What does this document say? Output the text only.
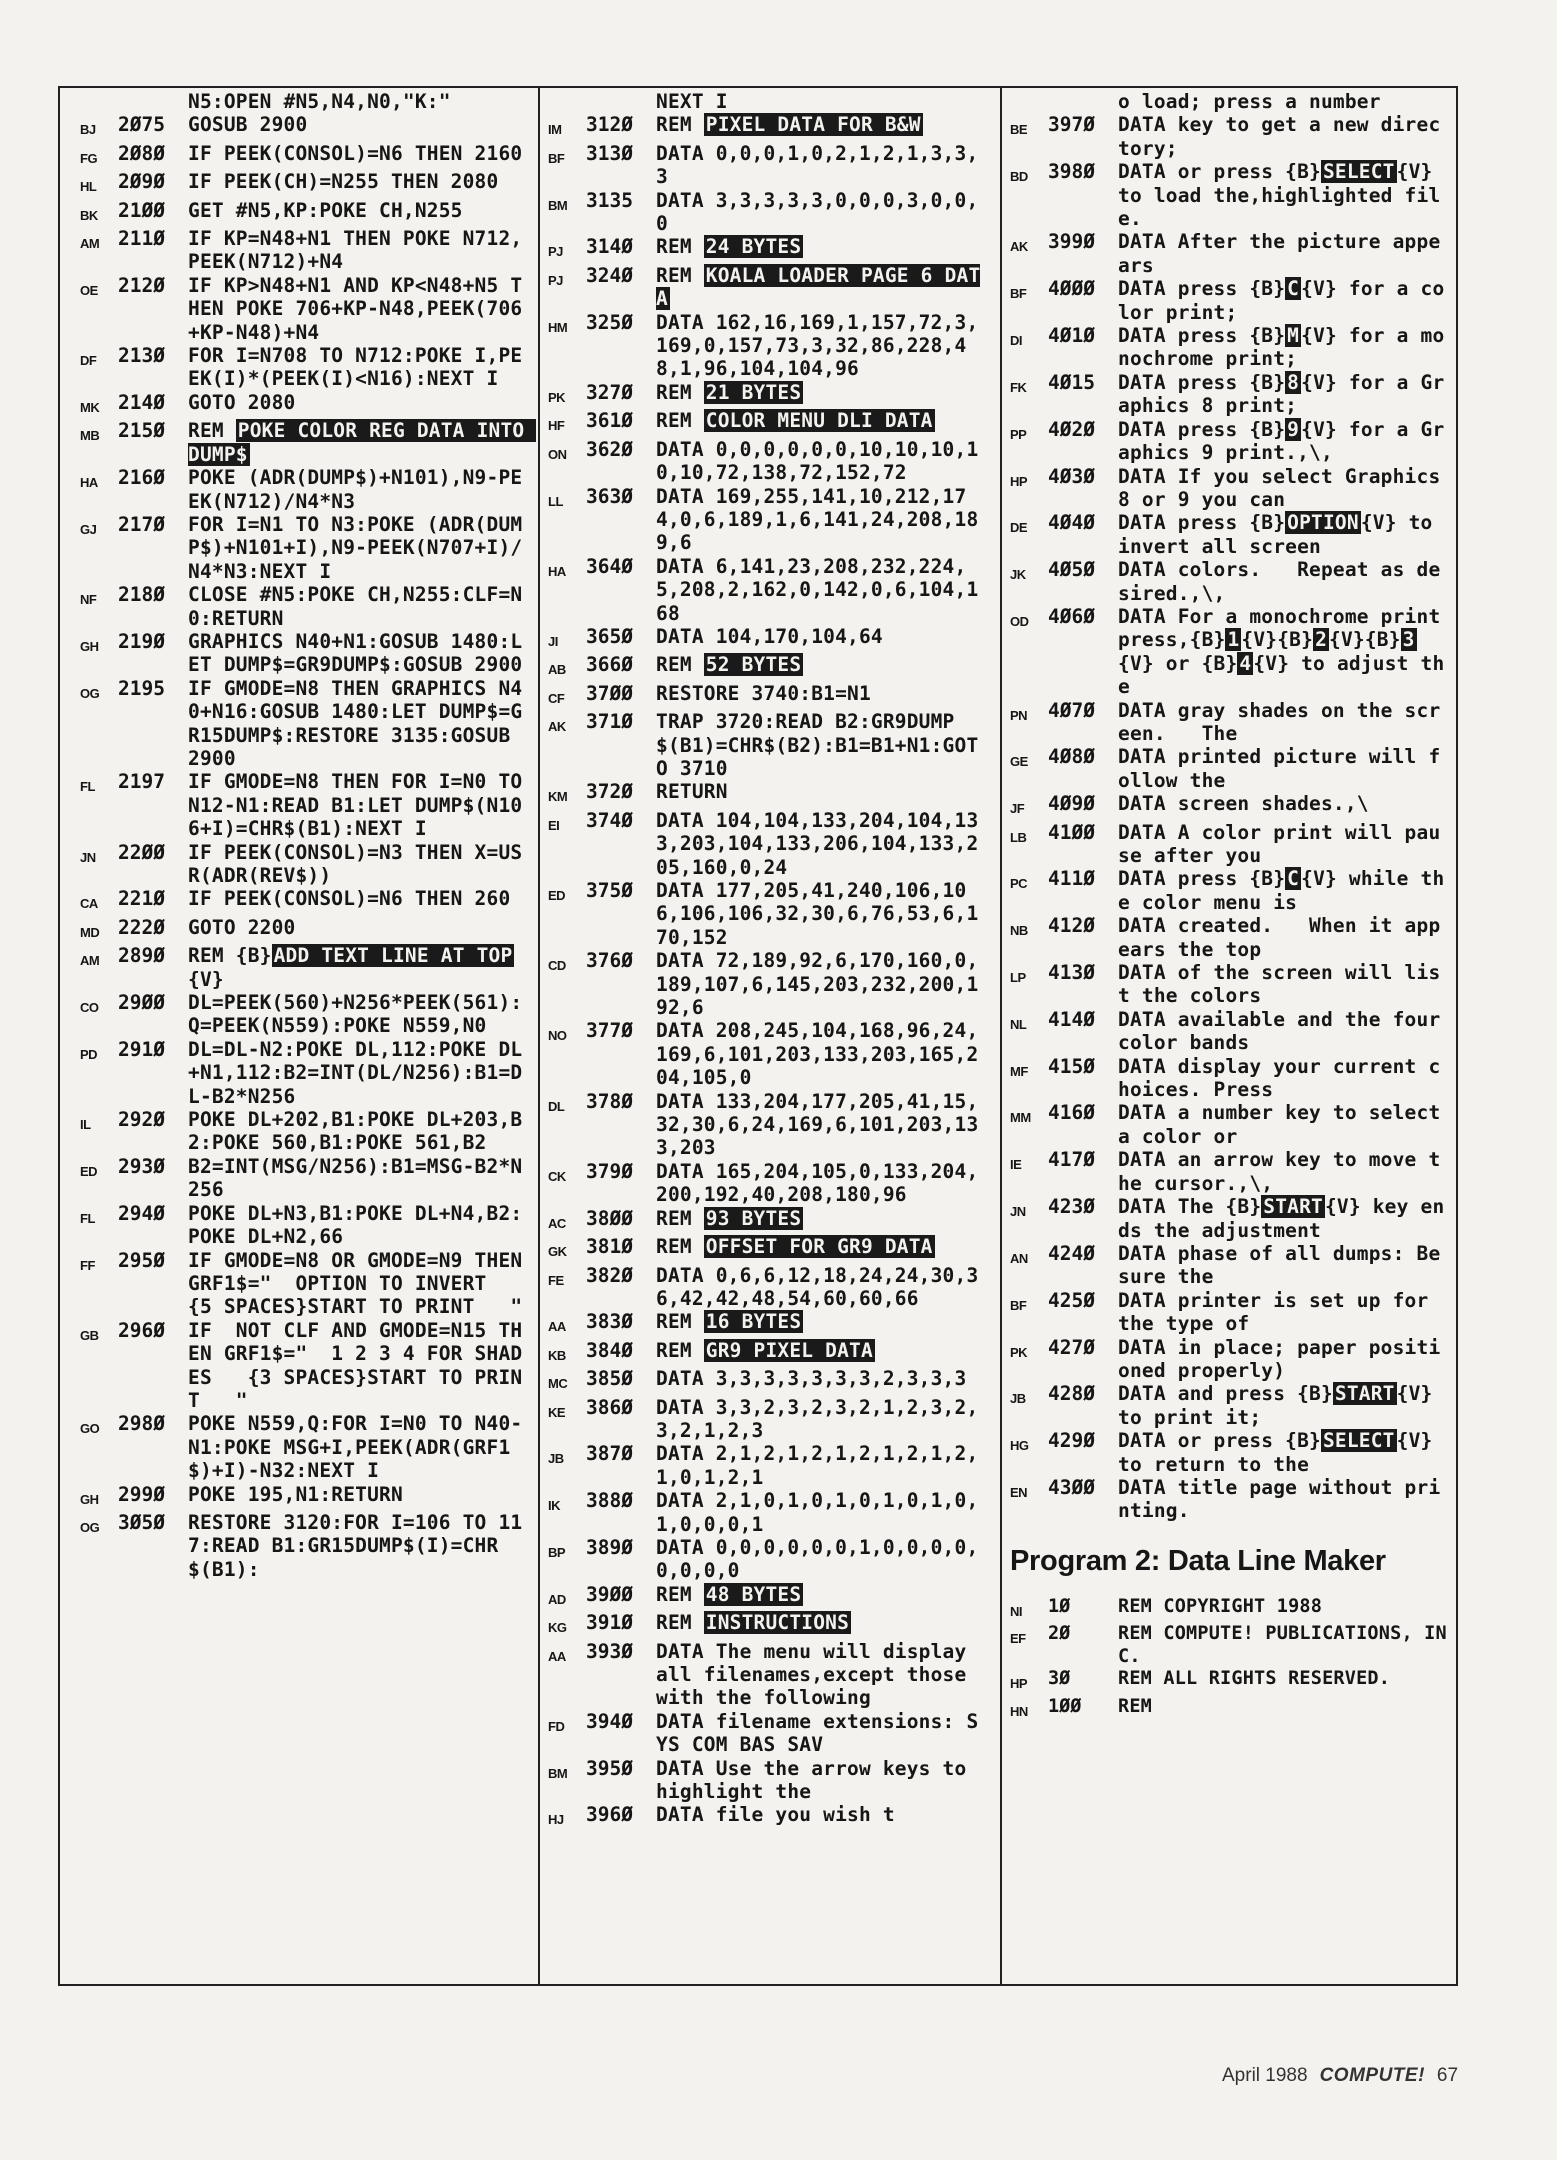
N5:OPEN #N5,N4,N0,"K:"
BJ	2Ø75	GOSUB 2900
FG	2Ø8Ø	IF PEEK(CONSOL)=N6 THEN 2160
HL	2Ø9Ø	IF PEEK(CH)=N255 THEN 2080
BK	21ØØ	GET #N5,KP:POKE CH,N255
AM 211Ø	IF KP=N48+N1 THEN POKE N712,PEEK(N712)+N4
OE	212Ø	IF KP>N48+N1 AND KP<N48+N5 THEN POKE 706+KP-N48,PEEK(706+KP-N48)+N4
DF	213Ø	FOR I=N708 TO N712:POKE I,PEEK(I)*(PEEK(I)<N16):NEXT I
MK 214Ø	GOTO 2080
MB 215Ø	REM POKE COLOR REG DATA INTO DUMP$
HA	216Ø	POKE (ADR(DUMP$)+N101),N9-PEEK(N712)/N4*N3
GJ	217Ø	FOR I=N1 TO N3:POKE (ADR(DUMP$)+N101+I),N9-PEEK(N707+I)/N4*N3:NEXT I
NF	218Ø	CLOSE #N5:POKE CH,N255:CLF=N0:RETURN
GH	219Ø	GRAPHICS N40+N1:GOSUB 1480:LET DUMP$=GR9DUMP$:GOSUB 2900
OG 2195	IF GMODE=N8 THEN GRAPHICS N40+N16:GOSUB 1480:LET DUMP$=GR15DUMP$:RESTORE 3135:GOSUB 2900
FL	2197	IF GMODE=N8 THEN FOR I=N0 TO N12-N1:READ B1:LET DUMP$(N106+I)=CHR$(B1):NEXT I
JN	22ØØ	IF PEEK(CONSOL)=N3 THEN X=USR(ADR(REV$))
CA	221Ø	IF PEEK(CONSOL)=N6 THEN 260
MD 222Ø	GOTO 2200
AM 289Ø	REM {B} ADD TEXT LINE AT TOP{V}
CO	29ØØ	DL=PEEK(560)+N256*PEEK(561):Q=PEEK(N559):POKE N559,N0
PD	291Ø	DL=DL-N2:POKE DL,112:POKE DL+N1,112:B2=INT(DL/N256):B1=DL-B2*N256
IL	292Ø	POKE DL+202,B1:POKE DL+203,B2:POKE 560,B1:POKE 561,B2
ED	293Ø	B2=INT(MSG/N256):B1=MSG-B2*N256
FL	294Ø	POKE DL+N3,B1:POKE DL+N4,B2:POKE DL+N2,66
FF	295Ø	IF GMODE=N8 OR GMODE=N9 THEN GRF1$="  OPTION TO INVERT    {5 SPACES}START TO PRINT   "
GB	296Ø	IF  NOT CLF AND GMODE=N15 THEN GRF1$="  1 2 3 4 FOR SHADES   {3 SPACES}START TO PRINT   "
GO 298Ø	POKE N559,Q:FOR I=N0 TO N40-N1:POKE MSG+I,PEEK(ADR(GRF1$)+I)-N32:NEXT I
GH	299Ø	POKE 195,N1:RETURN
OG 3Ø5Ø	RESTORE 3120:FOR I=106 TO 117:READ B1:GR15DUMP$(I)=CHR$(B1):
NEXT I
IM	312Ø	REM PIXEL DATA FOR B&W
BF	313Ø	DATA 0,0,0,1,0,2,1,2,1,3,3,3
BM 3135	DATA 3,3,3,3,3,0,0,0,3,0,0,0
PJ	314Ø	REM 24 BYTES
PJ	324Ø	REM KOALA LOADER PAGE 6 DATA
HM 325Ø	DATA 162,16,169,1,157,72,3,169,0,157,73,3,32,86,228,48,1,96,104,104,96
PK	327Ø	REM 21 BYTES
HF	361Ø	REM COLOR MENU DLI DATA
ON	362Ø	DATA 0,0,0,0,0,0,10,10,10,10,10,72,138,72,152,72
LL	363Ø	DATA 169,255,141,10,212,174,0,6,189,1,6,141,24,208,189,6
HA	364Ø	DATA 6,141,23,208,232,224,5,208,2,162,0,142,0,6,104,168
JI	365Ø	DATA 104,170,104,64
AB	366Ø	REM 52 BYTES
CF	37ØØ	RESTORE 3740:B1=N1
AK	371Ø	TRAP 3720:READ B2:GR9DUMP$(B1)=CHR$(B2):B1=B1+N1:GOTO 3710
KM 372Ø	RETURN
EI	374Ø	DATA 104,104,133,204,104,133,203,104,133,206,104,133,205,160,0,24
ED	375Ø	DATA 177,205,41,240,106,106,106,106,32,30,6,76,53,6,170,152
CD	376Ø	DATA 72,189,92,6,170,160,0,189,107,6,145,203,232,200,192,6
NO	377Ø	DATA 208,245,104,168,96,24,169,6,101,203,133,203,165,204,105,0
DL	378Ø	DATA 133,204,177,205,41,15,32,30,6,24,169,6,101,203,133,203
CK	379Ø	DATA 165,204,105,0,133,204,200,192,40,208,180,96
AC	38ØØ	REM 93 BYTES
GK	381Ø	REM OFFSET FOR GR9 DATA
FE	382Ø	DATA 0,6,6,12,18,24,24,30,36,42,42,48,54,60,60,66
AA	383Ø	REM 16 BYTES
KB	384Ø	REM GR9 PIXEL DATA
MC 385Ø	DATA 3,3,3,3,3,3,3,2,3,3,3
KE	386Ø	DATA 3,3,2,3,2,3,2,1,2,3,2,3,2,1,2,3
JB	387Ø	DATA 2,1,2,1,2,1,2,1,2,1,2,1,0,1,2,1
IK	388Ø	DATA 2,1,0,1,0,1,0,1,0,1,0,1,0,0,0,1
BP	389Ø	DATA 0,0,0,0,0,0,1,0,0,0,0,0,0,0,0
AD	39ØØ	REM 48 BYTES
KG	391Ø	REM INSTRUCTIONS
AA	393Ø	DATA The menu will display all filenames,except those with the following
FD	394Ø	DATA filename extensions: SYS COM BAS SAV
BM 395Ø	DATA Use the arrow keys to highlight the
HJ	396Ø	DATA file you wish t
o load; press a number
BE	397Ø	DATA key to get a new directory;
BD	398Ø	DATA or press {B} SELECT {V} to load the,highlighted file.
AK	399Ø	DATA After the picture appears
BF	4ØØØ	DATA press {B} C {V} for a color print;
DI	4Ø1Ø	DATA press {B} M {V} for a monochrome print;
FK	4Ø15	DATA press {B} 8 {V} for a Graphics 8 print;
PP	4Ø2Ø	DATA press {B} 9 {V} for a Graphics 9 print.,\,
HP	4Ø3Ø	DATA If you select Graphics 8 or 9 you can
DE	4Ø4Ø	DATA press {B} OPTION {V} to invert all screen
JK	4Ø5Ø	DATA colors.   Repeat as desired.,\,
OD	4Ø6Ø	DATA For a monochrome print press,{B} 1 {V}{B} 2 {V}{B} 3{V} or {B} 4 {V} to adjust the
PN	4Ø7Ø	DATA gray shades on the screen.   The
GE	4Ø8Ø	DATA printed picture will follow the
JF	4Ø9Ø	DATA screen shades.,\
LB	41ØØ	DATA A color print will pause after you
PC	411Ø	DATA press {B} C {V} while the color menu is
NB	412Ø	DATA created.   When it appears the top
LP	413Ø	DATA of the screen will list the colors
NL	414Ø	DATA available and the four color bands
MF	415Ø	DATA display your current choices. Press
MM 416Ø	DATA a number key to select a color or
IE	417Ø	DATA an arrow key to move the cursor.,\,
JN	423Ø	DATA The {B} START {V} key ends the adjustment
AN	424Ø	DATA phase of all dumps: Be sure the
BF	425Ø	DATA printer is set up for the type of
PK	427Ø	DATA in place; paper positioned properly)
JB	428Ø	DATA and press {B} START {V} to print it;
HG	429Ø	DATA or press {B} SELECT {V} to return to the
EN	43ØØ	DATA title page without printing.
Program 2: Data Line Maker
NI	1Ø	REM COPYRIGHT 1988
EF	2Ø	REM COMPUTE! PUBLICATIONS, INC.
HP	3Ø	REM ALL RIGHTS RESERVED.
HN	1ØØ	REM
April 1988 COMPUTE! 67
